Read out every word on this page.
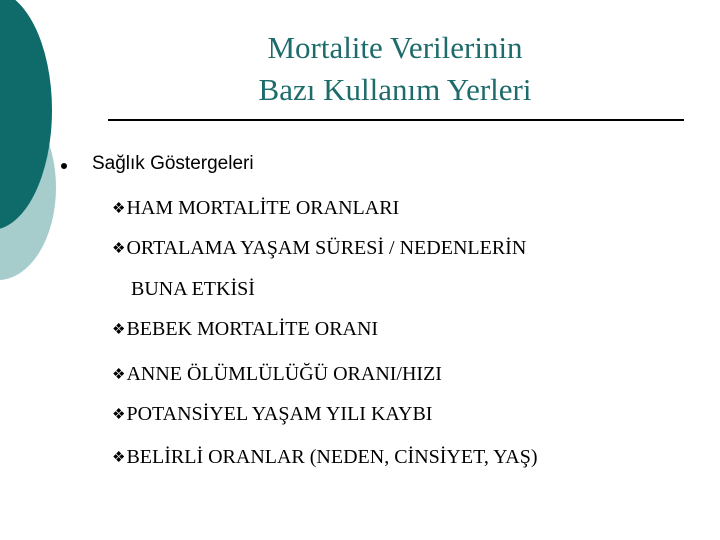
Mortalite Verilerinin
Bazı Kullanım Yerleri
Sağlık Göstergeleri
❖HAM MORTALİTE ORANLARI
❖ORTALAMA YAŞAM SÜRESİ / NEDENLERİN
BUNA ETKİSİ
❖BEBEK MORTALİTE ORANI
❖ANNE ÖLÜMLÜLÜĞÜ ORANI/HIZI
❖POTANSİYEL YAŞAM YILI KAYBI
❖BELİRLİ ORANLAR (NEDEN, CİNSİYET, YAŞ)
